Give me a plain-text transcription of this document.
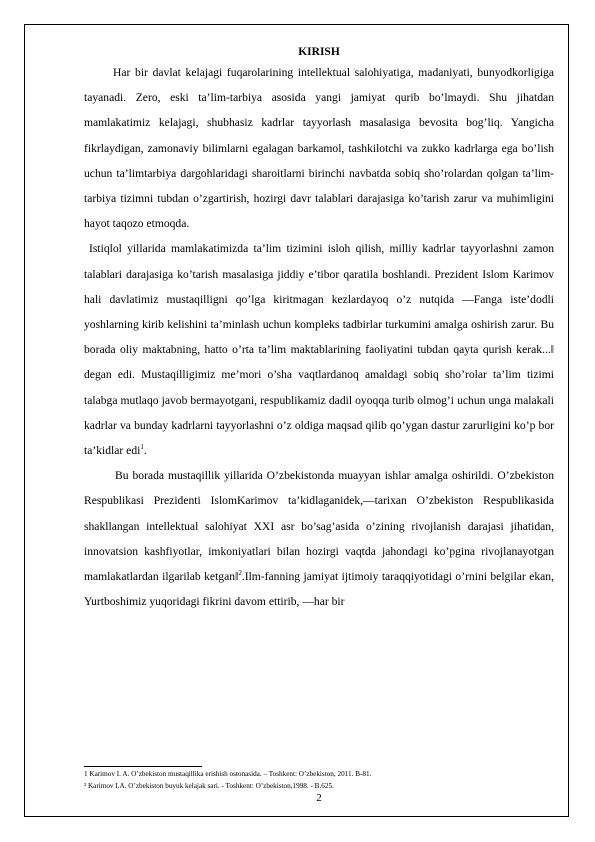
KIRISH

Har bir davlat kelajagi fuqarolarining intellektual salohiyatiga, madaniyati, bunyodkorligiga tayanadi. Zero, eski ta’lim-tarbiya asosida yangi jamiyat qurib bo’lmaydi. Shu jihatdan mamlakatimiz kelajagi, shubhasiz kadrlar tayyorlash masalasiga bevosita bog’liq. Yangicha fikrlaydigan, zamonaviy bilimlarni egalagan barkamol, tashkilotchi va zukko kadrlarga ega bo’lish uchun ta’limtarbiya dargohlaridagi sharoitlarni birinchi navbatda sobiq sho’rolardan qolgan ta’lim-tarbiya tizimni tubdan o’zgartirish, hozirgi davr talablari darajasiga ko’tarish zarur va muhimligini hayot taqozo etmoqda.

Istiqlol yillarida mamlakatimizda ta’lim tizimini isloh qilish, milliy kadrlar tayyorlashni zamon talablari darajasiga ko’tarish masalasiga jiddiy e’tibor qaratila boshlandi. Prezident Islom Karimov hali davlatimiz mustaqilligni qo’lga kiritmagan kezlardayoq o’z nutqida ―Fanga iste’dodli yoshlarning kirib kelishini ta’minlash uchun kompleks tadbirlar turkumini amalga oshirish zarur. Bu borada oliy maktabning, hatto o’rta ta’lim maktablarining faoliyatini tubdan qayta qurish kerak...‖ degan edi. Mustaqilligimiz me’mori o’sha vaqtlardanoq amaldagi sobiq sho’rolar ta’lim tizimi talabga mutlaqo javob bermayotgani, respublikamiz dadil oyoqqa turib olmog’i uchun unga malakali kadrlar va bunday kadrlarni tayyorlashni o’z oldiga maqsad qilib qo’ygan dastur zarurligini ko’p bor ta’kidlar edi$^1$.

Bu borada mustaqillik yillarida O’zbekistonda muayyan ishlar amalga oshirildi. O’zbekiston Respublikasi Prezidenti IslomKarimov ta’kidlaganidek,―tarixan O’zbekiston Respublikasida shakllangan intellektual salohiyat XXI asr bo’sag’asida o’zining rivojlanish darajasi jihatidan, innovatsion kashfiyotlar, imkoniyatlari bilan hozirgi vaqtda jahondagi ko’pgina rivojlanayotgan mamlakatlardan ilgarilab ketgan‖$^2$.Ilm-fanning jamiyat ijtimoiy taraqqiyotidagi o’rnini belgilar ekan, Yurtboshimiz yuqoridagi fikrini davom ettirib, ―har bir

1 Karimov I. A. O’zbekiston mustaqillika erishish ostonasida. – Toshkent: O’zbekiston, 2011. B-81.
² Karimov I.A. O’zbekiston buyuk kelajak sari. - Toshkent: O’zbekiston,1998. - B.625.
2
